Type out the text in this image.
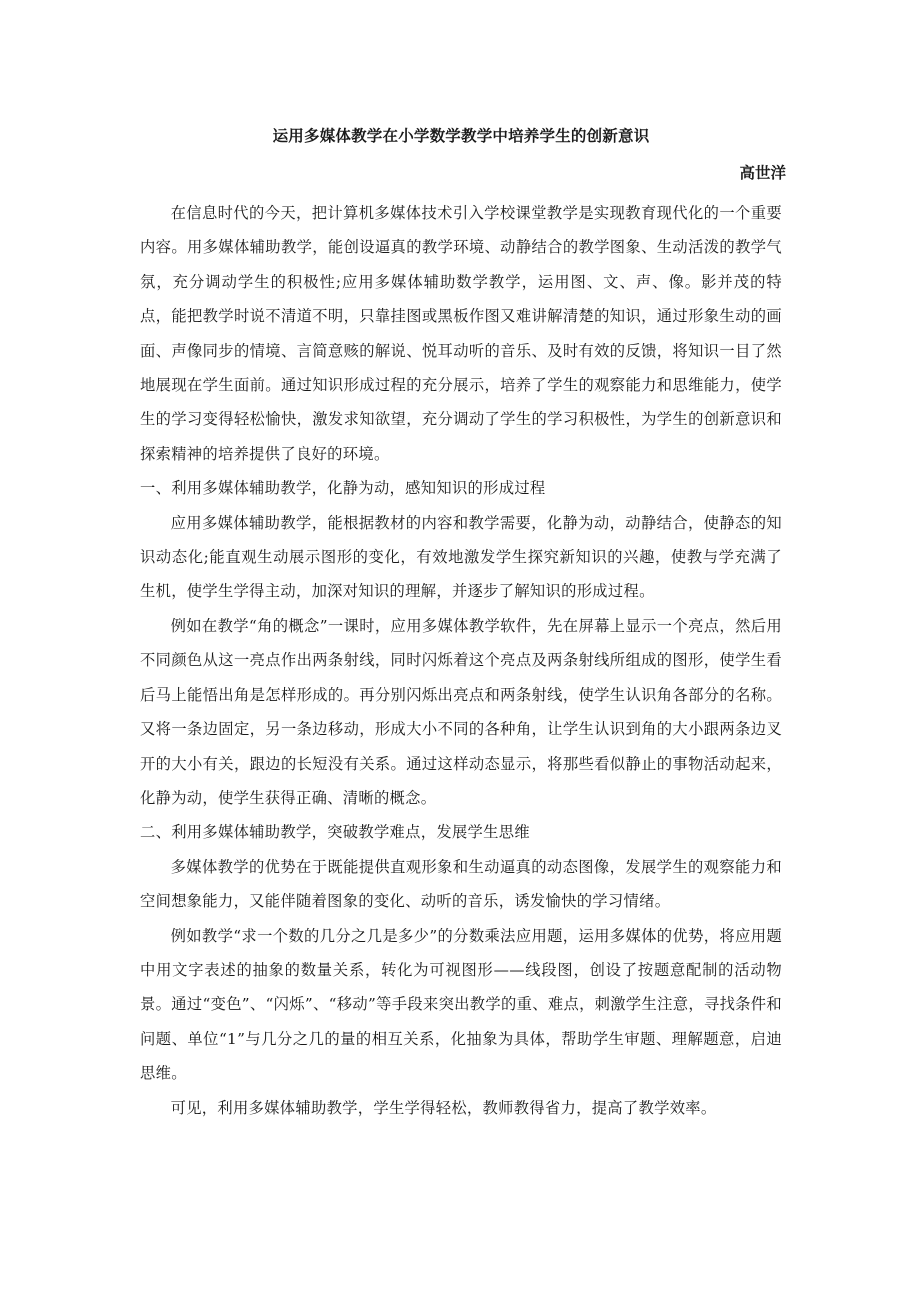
运用多媒体教学在小学数学教学中培养学生的创新意识
高世洋

在信息时代的今天，把计算机多媒体技术引入学校课堂教学是实现教育现代化的一个重要内容。用多媒体辅助教学，能创设逼真的教学环境、动静结合的教学图象、生动活泼的教学气氛，充分调动学生的积极性;应用多媒体辅助数学教学，运用图、文、声、像。影并茂的特点，能把教学时说不清道不明，只靠挂图或黑板作图又难讲解清楚的知识，通过形象生动的画面、声像同步的情境、言简意赅的解说、悦耳动听的音乐、及时有效的反馈，将知识一目了然地展现在学生面前。通过知识形成过程的充分展示，培养了学生的观察能力和思维能力，使学生的学习变得轻松愉快，激发求知欲望，充分调动了学生的学习积极性，为学生的创新意识和探索精神的培养提供了良好的环境。

一、利用多媒体辅助教学，化静为动，感知知识的形成过程

应用多媒体辅助教学，能根据教材的内容和教学需要，化静为动，动静结合，使静态的知识动态化;能直观生动展示图形的变化，有效地激发学生探究新知识的兴趣，使教与学充满了生机，使学生学得主动，加深对知识的理解，并逐步了解知识的形成过程。

例如在教学“角的概念”一课时，应用多媒体教学软件，先在屏幕上显示一个亮点，然后用不同颜色从这一亮点作出两条射线，同时闪烁着这个亮点及两条射线所组成的图形，使学生看后马上能悟出角是怎样形成的。再分别闪烁出亮点和两条射线，使学生认识角各部分的名称。又将一条边固定，另一条边移动，形成大小不同的各种角，让学生认识到角的大小跟两条边叉开的大小有关，跟边的长短没有关系。通过这样动态显示，将那些看似静止的事物活动起来，化静为动，使学生获得正确、清晰的概念。

二、利用多媒体辅助教学，突破教学难点，发展学生思维

多媒体教学的优势在于既能提供直观形象和生动逼真的动态图像，发展学生的观察能力和空间想象能力，又能伴随着图象的变化、动听的音乐，诱发愉快的学习情绪。

例如教学“求一个数的几分之几是多少”的分数乘法应用题，运用多媒体的优势，将应用题中用文字表述的抽象的数量关系，转化为可视图形——线段图，创设了按题意配制的活动物景。通过“变色”、“闪烁”、“移动”等手段来突出教学的重、难点，刺激学生注意，寻找条件和问题、单位“1”与几分之几的量的相互关系，化抽象为具体，帮助学生审题、理解题意，启迪思维。

可见，利用多媒体辅助教学，学生学得轻松，教师教得省力，提高了教学效率。
